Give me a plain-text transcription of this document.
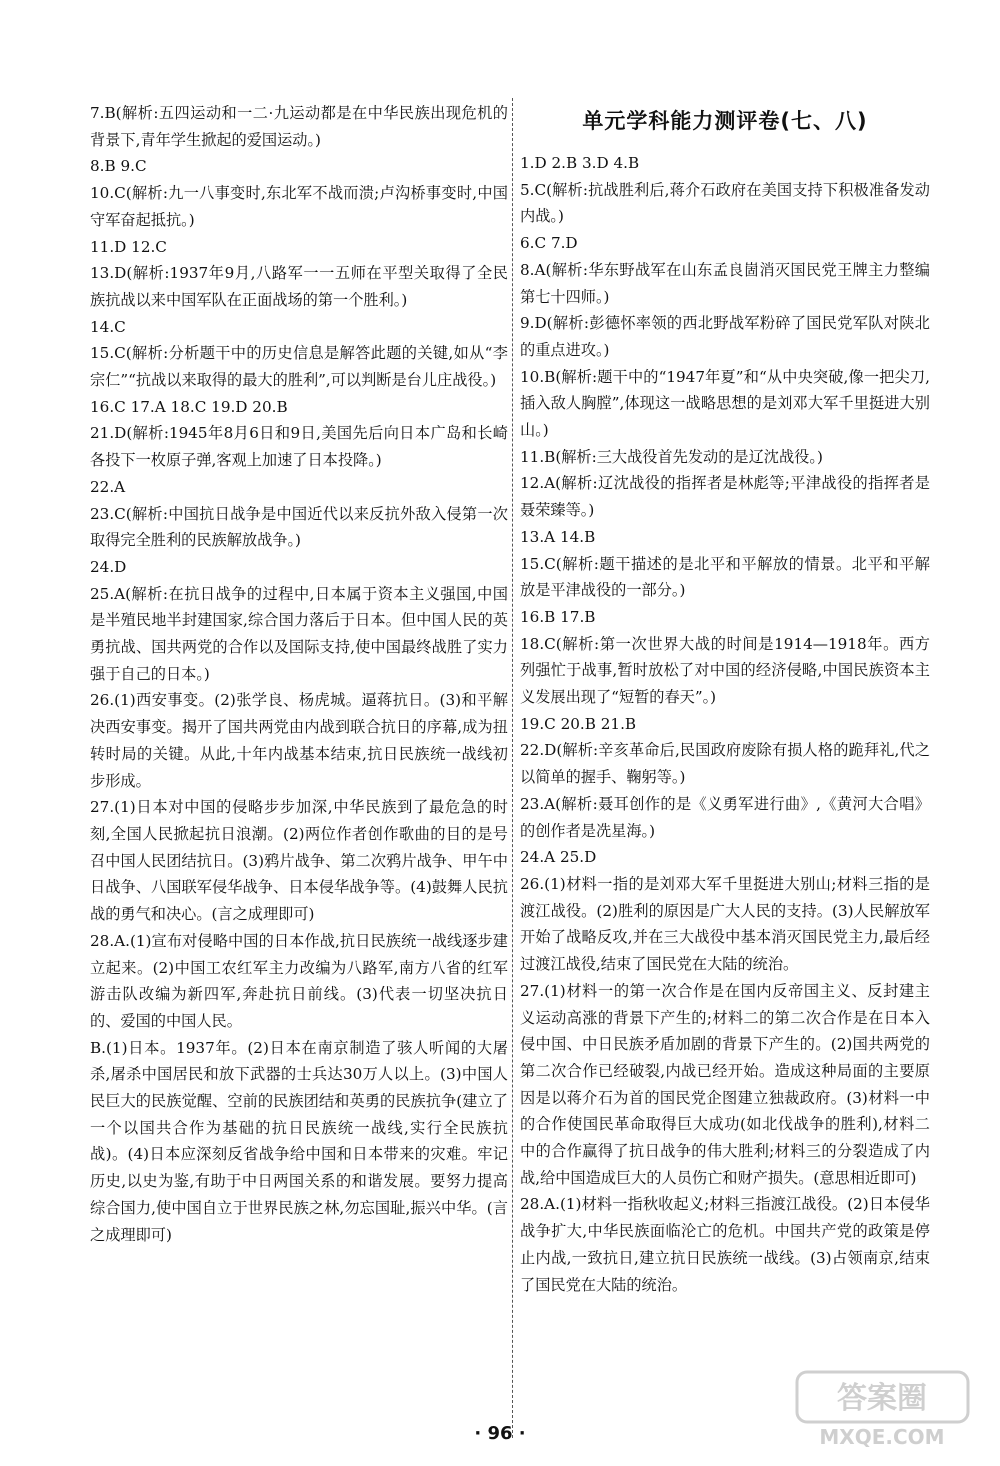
7.B(解析:五四运动和一二·九运动都是在中华民族出现危机的背景下,青年学生掀起的爱国运动。)

8.B 9.C

10.C(解析:九一八事变时,东北军不战而溃;卢沟桥事变时,中国守军奋起抵抗。)

11.D 12.C

13.D(解析:1937年9月,八路军一一五师在平型关取得了全民族抗战以来中国军队在正面战场的第一个胜利。)

14.C

15.C(解析:分析题干中的历史信息是解答此题的关键,如从“李宗仁”“抗战以来取得的最大的胜利”,可以判断是台儿庄战役。)

16.C 17.A 18.C 19.D 20.B

21.D(解析:1945年8月6日和9日,美国先后向日本广岛和长崎各投下一枚原子弹,客观上加速了日本投降。)

22.A

23.C(解析:中国抗日战争是中国近代以来反抗外敌入侵第一次取得完全胜利的民族解放战争。)

24.D

25.A(解析:在抗日战争的过程中,日本属于资本主义强国,中国是半殖民地半封建国家,综合国力落后于日本。但中国人民的英勇抗战、国共两党的合作以及国际支持,使中国最终战胜了实力强于自己的日本。)

26.(1)西安事变。(2)张学良、杨虎城。逼蒋抗日。(3)和平解决西安事变。揭开了国共两党由内战到联合抗日的序幕,成为扭转时局的关键。从此,十年内战基本结束,抗日民族统一战线初步形成。

27.(1)日本对中国的侵略步步加深,中华民族到了最危急的时刻,全国人民掀起抗日浪潮。(2)两位作者创作歌曲的目的是号召中国人民团结抗日。(3)鸦片战争、第二次鸦片战争、甲午中日战争、八国联军侵华战争、日本侵华战争等。(4)鼓舞人民抗战的勇气和决心。(言之成理即可)

28.A.(1)宣布对侵略中国的日本作战,抗日民族统一战线逐步建立起来。(2)中国工农红军主力改编为八路军,南方八省的红军游击队改编为新四军,奔赴抗日前线。(3)代表一切坚决抗日的、爱国的中国人民。

B.(1)日本。1937年。(2)日本在南京制造了骇人听闻的大屠杀,屠杀中国居民和放下武器的士兵达30万人以上。(3)中国人民巨大的民族觉醒、空前的民族团结和英勇的民族抗争(建立了一个以国共合作为基础的抗日民族统一战线,实行全民族抗战)。(4)日本应深刻反省战争给中国和日本带来的灾难。牢记历史,以史为鉴,有助于中日两国关系的和谐发展。要努力提高综合国力,使中国自立于世界民族之林,勿忘国耻,振兴中华。(言之成理即可)

单元学科能力测评卷(七、八)

1.D 2.B 3.D 4.B

5.C(解析:抗战胜利后,蒋介石政府在美国支持下积极准备发动内战。)

6.C 7.D

8.A(解析:华东野战军在山东孟良崮消灭国民党王牌主力整编第七十四师。)

9.D(解析:彭德怀率领的西北野战军粉碎了国民党军队对陕北的重点进攻。)

10.B(解析:题干中的“1947年夏”和“从中央突破,像一把尖刀,插入敌人胸膛”,体现这一战略思想的是刘邓大军千里挺进大别山。)

11.B(解析:三大战役首先发动的是辽沈战役。)

12.A(解析:辽沈战役的指挥者是林彪等;平津战役的指挥者是聂荣臻等。)

13.A 14.B

15.C(解析:题干描述的是北平和平解放的情景。北平和平解放是平津战役的一部分。)

16.B 17.B

18.C(解析:第一次世界大战的时间是1914—1918年。西方列强忙于战事,暂时放松了对中国的经济侵略,中国民族资本主义发展出现了“短暂的春天”。)

19.C 20.B 21.B

22.D(解析:辛亥革命后,民国政府废除有损人格的跪拜礼,代之以简单的握手、鞠躬等。)

23.A(解析:聂耳创作的是《义勇军进行曲》,《黄河大合唱》的创作者是冼星海。)

24.A 25.D

26.(1)材料一指的是刘邓大军千里挺进大别山;材料三指的是渡江战役。(2)胜利的原因是广大人民的支持。(3)人民解放军开始了战略反攻,并在三大战役中基本消灭国民党主力,最后经过渡江战役,结束了国民党在大陆的统治。

27.(1)材料一的第一次合作是在国内反帝国主义、反封建主义运动高涨的背景下产生的;材料二的第二次合作是在日本入侵中国、中日民族矛盾加剧的背景下产生的。(2)国共两党的第二次合作已经破裂,内战已经开始。造成这种局面的主要原因是以蒋介石为首的国民党企图建立独裁政府。(3)材料一中的合作使国民革命取得巨大成功(如北伐战争的胜利),材料二中的合作赢得了抗日战争的伟大胜利;材料三的分裂造成了内战,给中国造成巨大的人员伤亡和财产损失。(意思相近即可)

28.A.(1)材料一指秋收起义;材料三指渡江战役。(2)日本侵华战争扩大,中华民族面临沦亡的危机。中国共产党的政策是停止内战,一致抗日,建立抗日民族统一战线。(3)占领南京,结束了国民党在大陆的统治。

· 96 ·
答案圈
MXQE.COM
